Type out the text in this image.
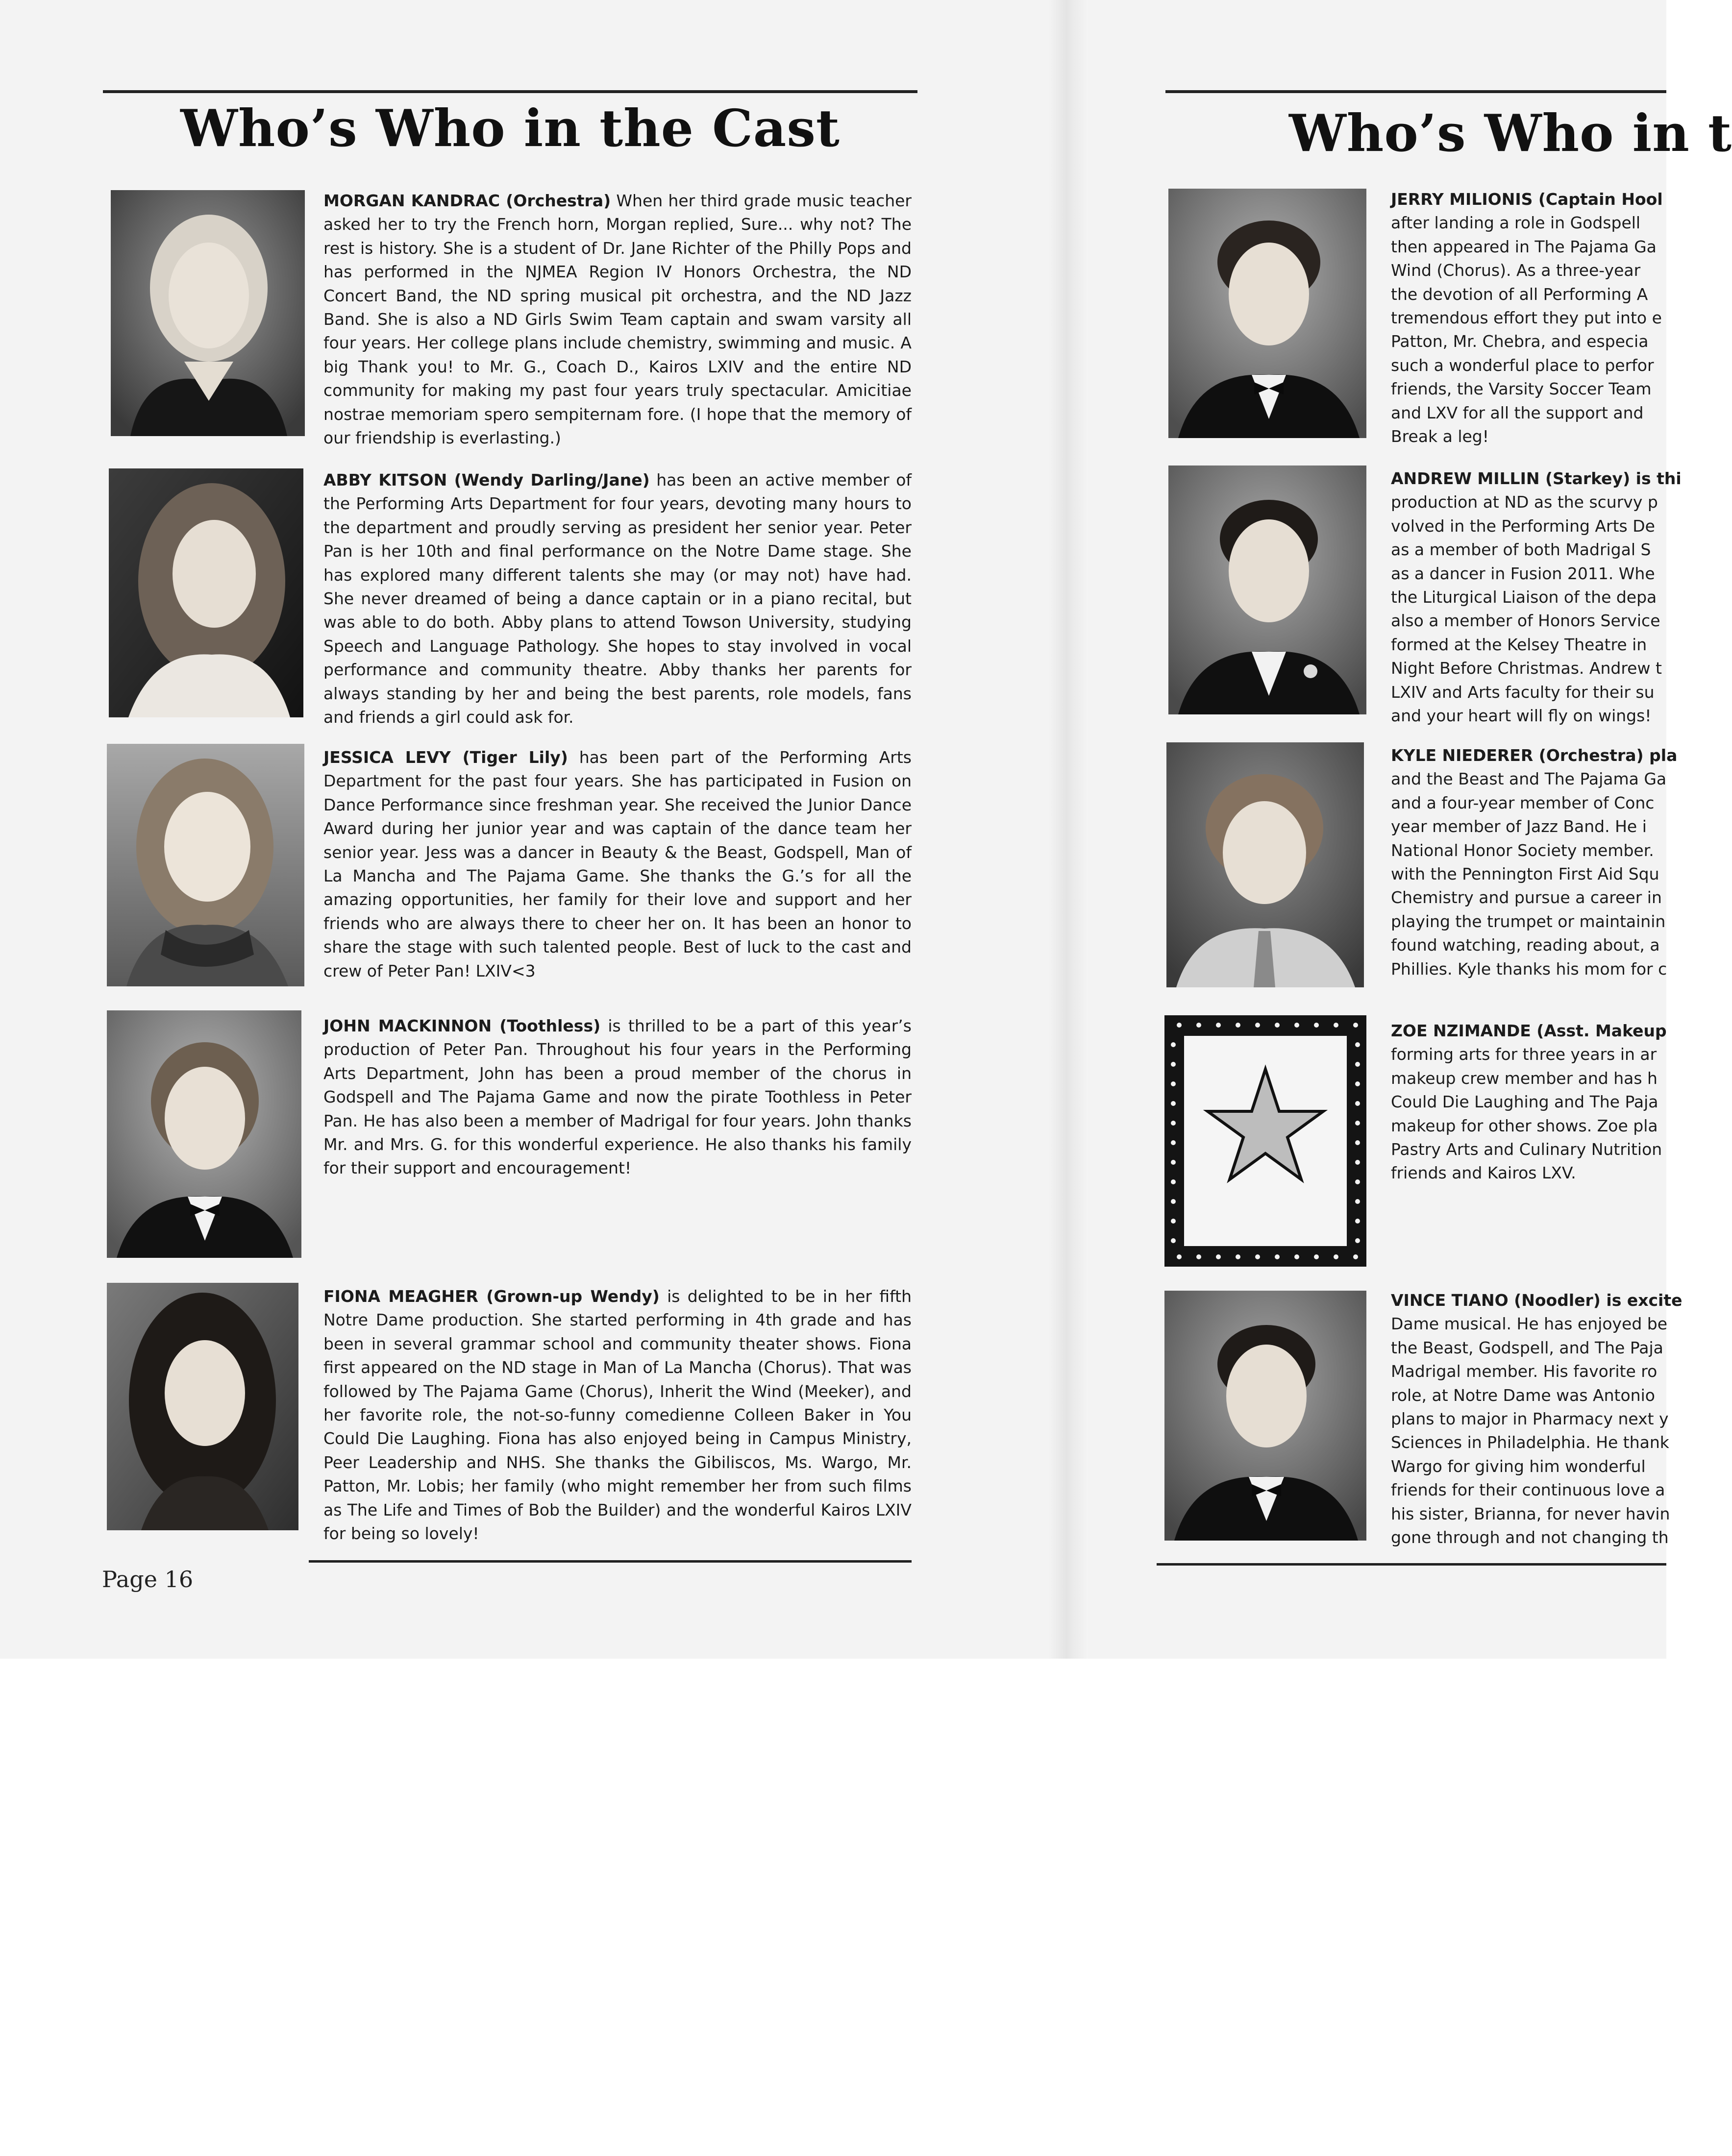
Who’s Who in the Cast
MORGAN KANDRAC (Orchestra) When her third grade music teacher asked her to try the French horn, Morgan replied, Sure... why not? The rest is history. She is a student of Dr. Jane Richter of the Philly Pops and has performed in the NJMEA Region IV Honors Orchestra, the ND Concert Band, the ND spring musical pit orchestra, and the ND Jazz Band. She is also a ND Girls Swim Team captain and swam varsity all four years. Her college plans include chemistry, swimming and music. A big Thank you! to Mr. G., Coach D., Kairos LXIV and the entire ND community for making my past four years truly spectacular. Amicitiae nostrae memoriam spero sempiternam fore. (I hope that the memory of our friendship is everlasting.)
ABBY KITSON (Wendy Darling/Jane) has been an active member of the Performing Arts Department for four years, devoting many hours to the department and proudly serving as president her senior year. Peter Pan is her 10th and final performance on the Notre Dame stage. She has explored many different talents she may (or may not) have had. She never dreamed of being a dance captain or in a piano recital, but was able to do both. Abby plans to attend Towson University, studying Speech and Language Pathology. She hopes to stay involved in vocal performance and community theatre. Abby thanks her parents for always standing by her and being the best parents, role models, fans and friends a girl could ask for.
JESSICA LEVY (Tiger Lily) has been part of the Performing Arts Department for the past four years. She has participated in Fusion on Dance Performance since freshman year. She received the Junior Dance Award during her junior year and was captain of the dance team her senior year. Jess was a dancer in Beauty & the Beast, Godspell, Man of La Mancha and The Pajama Game. She thanks the G.’s for all the amazing opportunities, her family for their love and support and her friends who are always there to cheer her on. It has been an honor to share the stage with such talented people. Best of luck to the cast and crew of Peter Pan! LXIV<3
JOHN MACKINNON (Toothless) is thrilled to be a part of this year’s production of Peter Pan. Throughout his four years in the Performing Arts Department, John has been a proud member of the chorus in Godspell and The Pajama Game and now the pirate Toothless in Peter Pan. He has also been a member of Madrigal for four years. John thanks Mr. and Mrs. G. for this wonderful experience. He also thanks his family for their support and encouragement!
FIONA MEAGHER (Grown-up Wendy) is delighted to be in her fifth Notre Dame production. She started performing in 4th grade and has been in several grammar school and community theater shows. Fiona first appeared on the ND stage in Man of La Mancha (Chorus). That was followed by The Pajama Game (Chorus), Inherit the Wind (Meeker), and her favorite role, the not-so-funny comedienne Colleen Baker in You Could Die Laughing. Fiona has also enjoyed being in Campus Ministry, Peer Leadership and NHS. She thanks the Gibiliscos, Ms. Wargo, Mr. Patton, Mr. Lobis; her family (who might remember her from such films as The Life and Times of Bob the Builder) and the wonderful Kairos LXIV for being so lovely!
Page 16
Who’s Who in t
JERRY MILIONIS (Captain Hool
after landing a role in Godspell
then appeared in The Pajama Ga
Wind (Chorus). As a three-year
the devotion of all Performing A
tremendous effort they put into e
Patton, Mr. Chebra, and especia
such a wonderful place to perfor
friends, the Varsity Soccer Team
and LXV for all the support and
Break a leg!
ANDREW MILLIN (Starkey) is thi
production at ND as the scurvy p
volved in the Performing Arts De
as a member of both Madrigal S
as a dancer in Fusion 2011. Whe
the Liturgical Liaison of the depa
also a member of Honors Service
formed at the Kelsey Theatre in
Night Before Christmas. Andrew t
LXIV and Arts faculty for their su
and your heart will fly on wings!
KYLE NIEDERER (Orchestra) pla
and the Beast and The Pajama Ga
and a four-year member of Conc
year member of Jazz Band. He i
National Honor Society member.
with the Pennington First Aid Squ
Chemistry and pursue a career in
playing the trumpet or maintainin
found watching, reading about, a
Phillies. Kyle thanks his mom for c
ZOE NZIMANDE (Asst. Makeup
forming arts for three years in ar
makeup crew member and has h
Could Die Laughing and The Paja
makeup for other shows. Zoe pla
Pastry Arts and Culinary Nutrition
friends and Kairos LXV.
VINCE TIANO (Noodler) is excite
Dame musical. He has enjoyed be
the Beast, Godspell, and The Paja
Madrigal member. His favorite ro
role, at Notre Dame was Antonio
plans to major in Pharmacy next y
Sciences in Philadelphia. He thank
Wargo for giving him wonderful
friends for their continuous love a
his sister, Brianna, for never havin
gone through and not changing th
